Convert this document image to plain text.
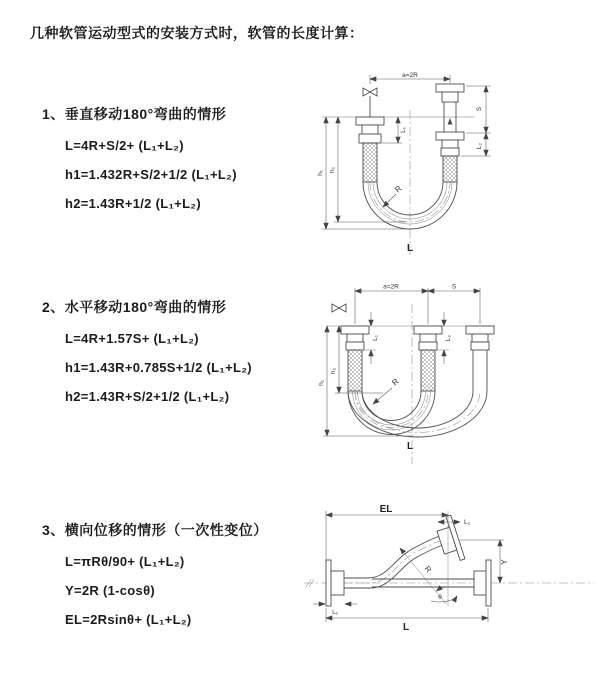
几种软管运动型式的安装方式时，软管的长度计算：
1、垂直移动180°弯曲的情形
L=4R+S/2+ (L₁+L₂)
h1=1.432R+S/2+1/2 (L₁+L₂)
h2=1.43R+1/2 (L₁+L₂)
2、水平移动180°弯曲的情形
L=4R+1.57S+ (L₁+L₂)
h1=1.43R+0.785S+1/2 (L₁+L₂)
h2=1.43R+S/2+1/2 (L₁+L₂)
3、横向位移的情形（一次性变位）
L=πRθ/90+ (L₁+L₂)
Y=2R (1-cosθ)
EL=2Rsinθ+ (L₁+L₂)
a=2R
S
L₂
L₁
h₁ h₂
R
L
a=2R	S
L₁	L₂
h₁
h₂
R
L
θ
R
EL
L₂
Y
L
L₁
